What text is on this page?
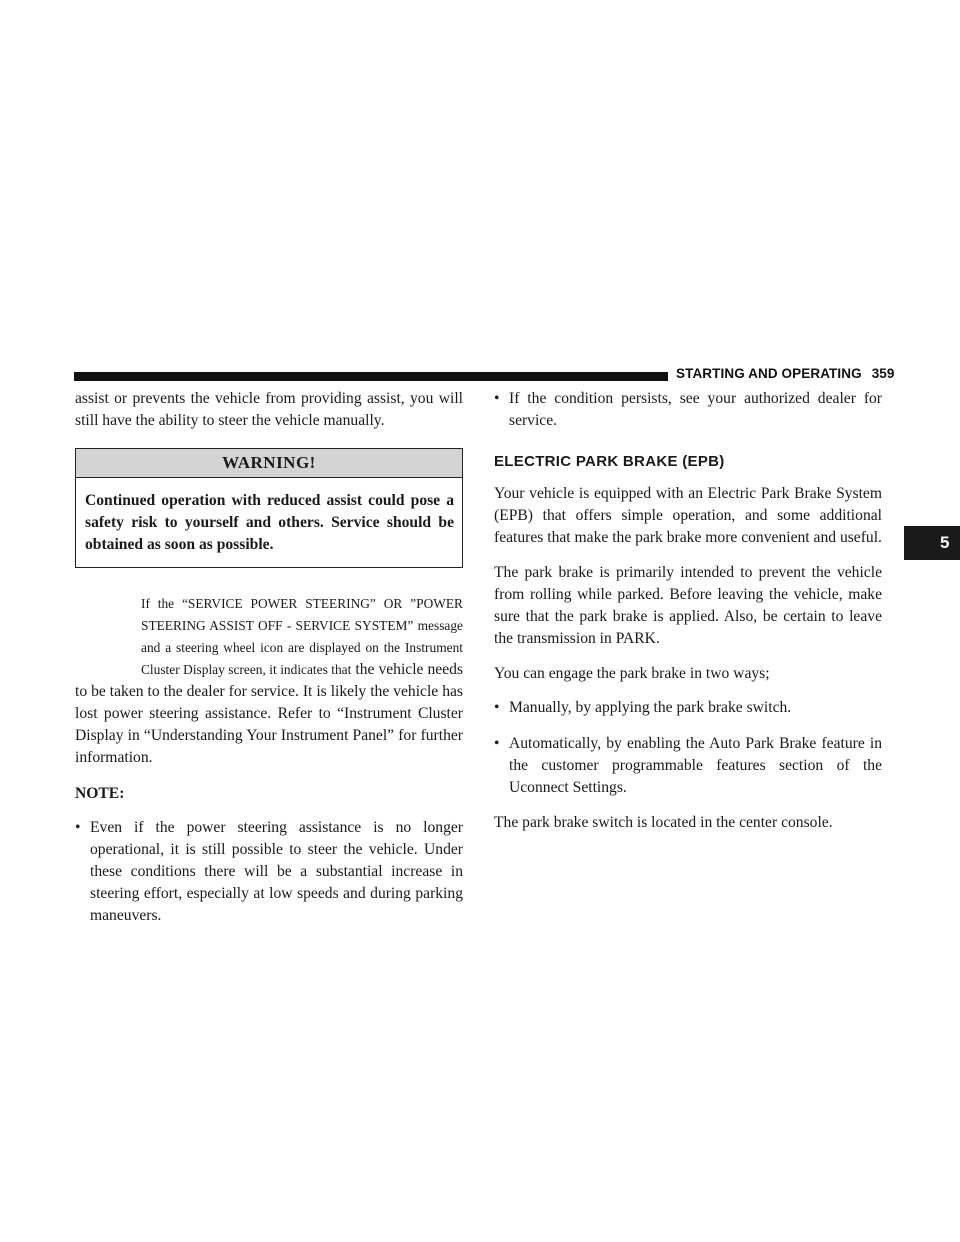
STARTING AND OPERATING 359
5

assist or prevents the vehicle from providing assist, you will still have the ability to steer the vehicle manually.

WARNING!
Continued operation with reduced assist could pose a safety risk to yourself and others. Service should be obtained as soon as possible.

If the “SERVICE POWER STEERING” OR ”POWER STEERING ASSIST OFF - SERVICE SYSTEM” message and a steering wheel icon are displayed on the Instrument Cluster Display screen, it indicates that the vehicle needs to be taken to the dealer for service. It is likely the vehicle has lost power steering assistance. Refer to “Instrument Cluster Display in “Understanding Your Instrument Panel” for further information.

NOTE:

• Even if the power steering assistance is no longer operational, it is still possible to steer the vehicle. Under these conditions there will be a substantial increase in steering effort, especially at low speeds and during parking maneuvers.
• If the condition persists, see your authorized dealer for service.
ELECTRIC PARK BRAKE (EPB)

Your vehicle is equipped with an Electric Park Brake System (EPB) that offers simple operation, and some additional features that make the park brake more convenient and useful.

The park brake is primarily intended to prevent the vehicle from rolling while parked. Before leaving the vehicle, make sure that the park brake is applied. Also, be certain to leave the transmission in PARK.

You can engage the park brake in two ways;

• Manually, by applying the park brake switch.
• Automatically, by enabling the Auto Park Brake feature in the customer programmable features section of the Uconnect Settings.

The park brake switch is located in the center console.
